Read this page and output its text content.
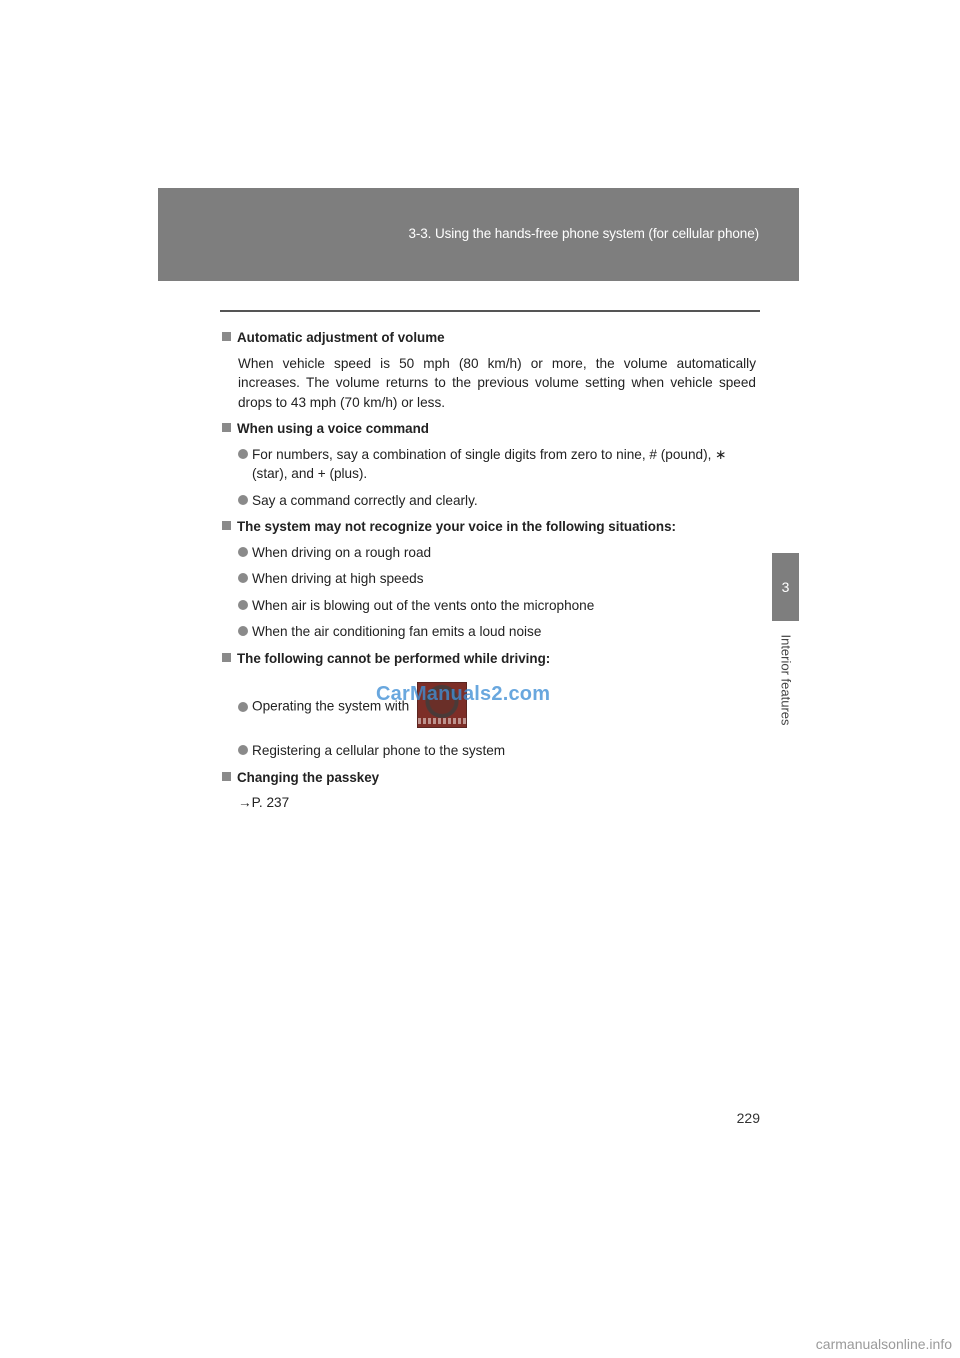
3-3. Using the hands-free phone system (for cellular phone)
3
Interior features
Automatic adjustment of volume

When vehicle speed is 50 mph (80 km/h) or more, the volume automatically increases. The volume returns to the previous volume setting when vehicle speed drops to 43 mph (70 km/h) or less.

When using a voice command
For numbers, say a combination of single digits from zero to nine, # (pound), ∗ (star), and + (plus).
Say a command correctly and clearly.
The system may not recognize your voice in the following situations:
When driving on a rough road
When driving at high speeds
When air is blowing out of the vents onto the microphone
When the air conditioning fan emits a loud noise
The following cannot be performed while driving:
Operating the system with
Registering a cellular phone to the system
Changing the passkey

→P. 237

CarManuals2.com
229
carmanualsonline.info
